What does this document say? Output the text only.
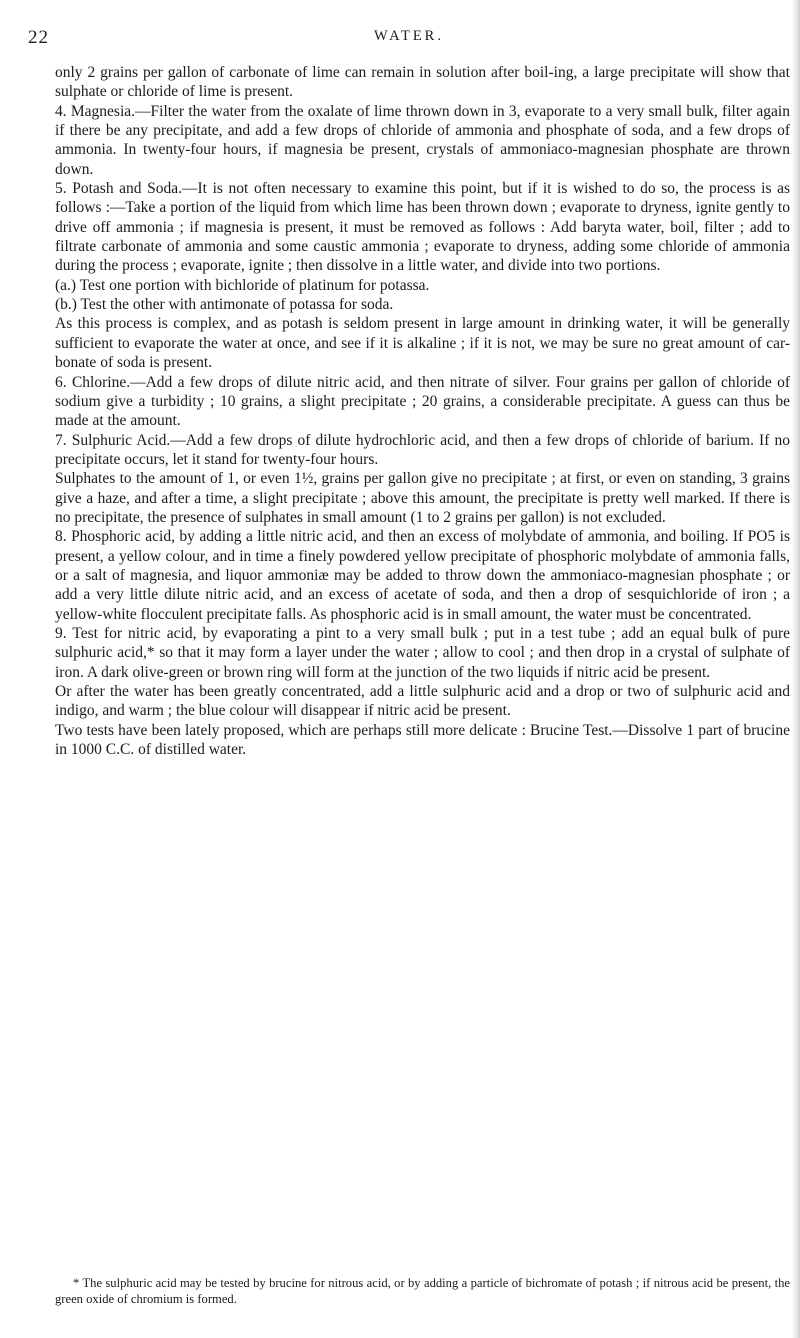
22	WATER.

only 2 grains per gallon of carbonate of lime can remain in solution after boil-ing, a large precipitate will show that sulphate or chloride of lime is present.

4. Magnesia.—Filter the water from the oxalate of lime thrown down in 3, evaporate to a very small bulk, filter again if there be any precipitate, and add a few drops of chloride of ammonia and phosphate of soda, and a few drops of ammonia. In twenty-four hours, if magnesia be present, crystals of ammoniaco-magnesian phosphate are thrown down.

5. Potash and Soda.—It is not often necessary to examine this point, but if it is wished to do so, the process is as follows :—Take a portion of the liquid from which lime has been thrown down ; evaporate to dryness, ignite gently to drive off ammonia ; if magnesia is present, it must be removed as follows : Add baryta water, boil, filter ; add to filtrate carbonate of ammonia and some caustic ammonia ; evaporate to dryness, adding some chloride of ammonia during the process ; evaporate, ignite ; then dissolve in a little water, and divide into two portions.

(a.) Test one portion with bichloride of platinum for potassa.

(b.) Test the other with antimonate of potassa for soda.

As this process is complex, and as potash is seldom present in large amount in drinking water, it will be generally sufficient to evaporate the water at once, and see if it is alkaline ; if it is not, we may be sure no great amount of car-bonate of soda is present.

6. Chlorine.—Add a few drops of dilute nitric acid, and then nitrate of silver. Four grains per gallon of chloride of sodium give a turbidity ; 10 grains, a slight precipitate ; 20 grains, a considerable precipitate. A guess can thus be made at the amount.

7. Sulphuric Acid.—Add a few drops of dilute hydrochloric acid, and then a few drops of chloride of barium. If no precipitate occurs, let it stand for twenty-four hours.

Sulphates to the amount of 1, or even 1½, grains per gallon give no precipitate ; at first, or even on standing, 3 grains give a haze, and after a time, a slight precipitate ; above this amount, the precipitate is pretty well marked. If there is no precipitate, the presence of sulphates in small amount (1 to 2 grains per gallon) is not excluded.

8. Phosphoric acid, by adding a little nitric acid, and then an excess of molybdate of ammonia, and boiling. If PO5 is present, a yellow colour, and in time a finely powdered yellow precipitate of phosphoric molybdate of ammonia falls, or a salt of magnesia, and liquor ammoniæ may be added to throw down the ammoniaco-magnesian phosphate ; or add a very little dilute nitric acid, and an excess of acetate of soda, and then a drop of sesquichloride of iron ; a yellow-white flocculent precipitate falls. As phosphoric acid is in small amount, the water must be concentrated.

9. Test for nitric acid, by evaporating a pint to a very small bulk ; put in a test tube ; add an equal bulk of pure sulphuric acid,* so that it may form a layer under the water ; allow to cool ; and then drop in a crystal of sulphate of iron. A dark olive-green or brown ring will form at the junction of the two liquids if nitric acid be present.

Or after the water has been greatly concentrated, add a little sulphuric acid and a drop or two of sulphuric acid and indigo, and warm ; the blue colour will disappear if nitric acid be present.

Two tests have been lately proposed, which are perhaps still more delicate : Brucine Test.—Dissolve 1 part of brucine in 1000 C.C. of distilled water.

* The sulphuric acid may be tested by brucine for nitrous acid, or by adding a particle of bichromate of potash ; if nitrous acid be present, the green oxide of chromium is formed.
